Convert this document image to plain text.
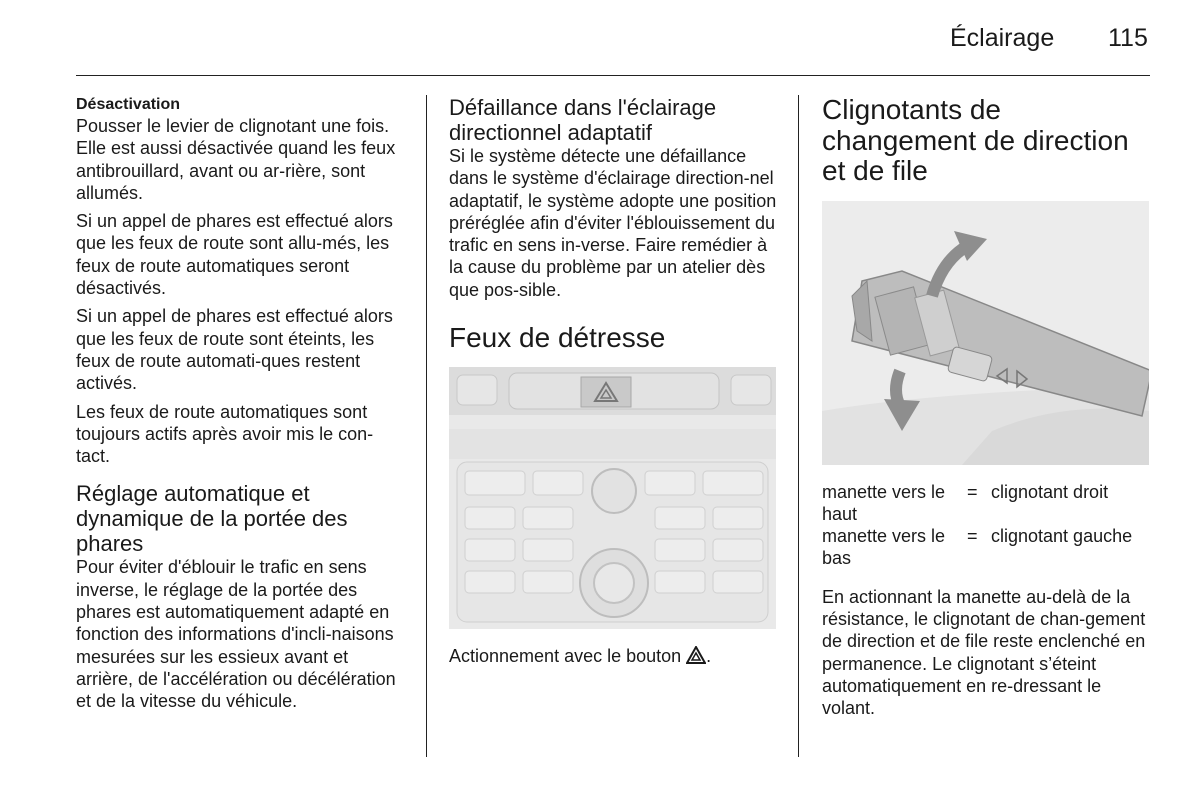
Éclairage 115
Désactivation

Pousser le levier de clignotant une fois. Elle est aussi désactivée quand les feux antibrouillard, avant ou ar-rière, sont allumés.

Si un appel de phares est effectué alors que les feux de route sont allu-més, les feux de route automatiques seront désactivés.

Si un appel de phares est effectué alors que les feux de route sont éteints, les feux de route automati-ques restent activés.

Les feux de route automatiques sont toujours actifs après avoir mis le con-tact.

Réglage automatique et dynamique de la portée des phares

Pour éviter d'éblouir le trafic en sens inverse, le réglage de la portée des phares est automatiquement adapté en fonction des informations d'incli-naisons mesurées sur les essieux avant et arrière, de l'accélération ou décélération et de la vitesse du véhicule.

Défaillance dans l'éclairage directionnel adaptatif

Si le système détecte une défaillance dans le système d'éclairage direction-nel adaptatif, le système adopte une position préréglée afin d'éviter l'éblouissement du trafic en sens in-verse. Faire remédier à la cause du problème par un atelier dès que pos-sible.

Feux de détresse

Actionnement avec le bouton .

Clignotants de changement de direction et de file
manette vers le haut	=	clignotant droit
manette vers le bas	=	clignotant gauche

En actionnant la manette au-delà de la résistance, le clignotant de chan-gement de direction et de file reste enclenché en permanence. Le clignotant s’éteint automatiquement en re-dressant le volant.
